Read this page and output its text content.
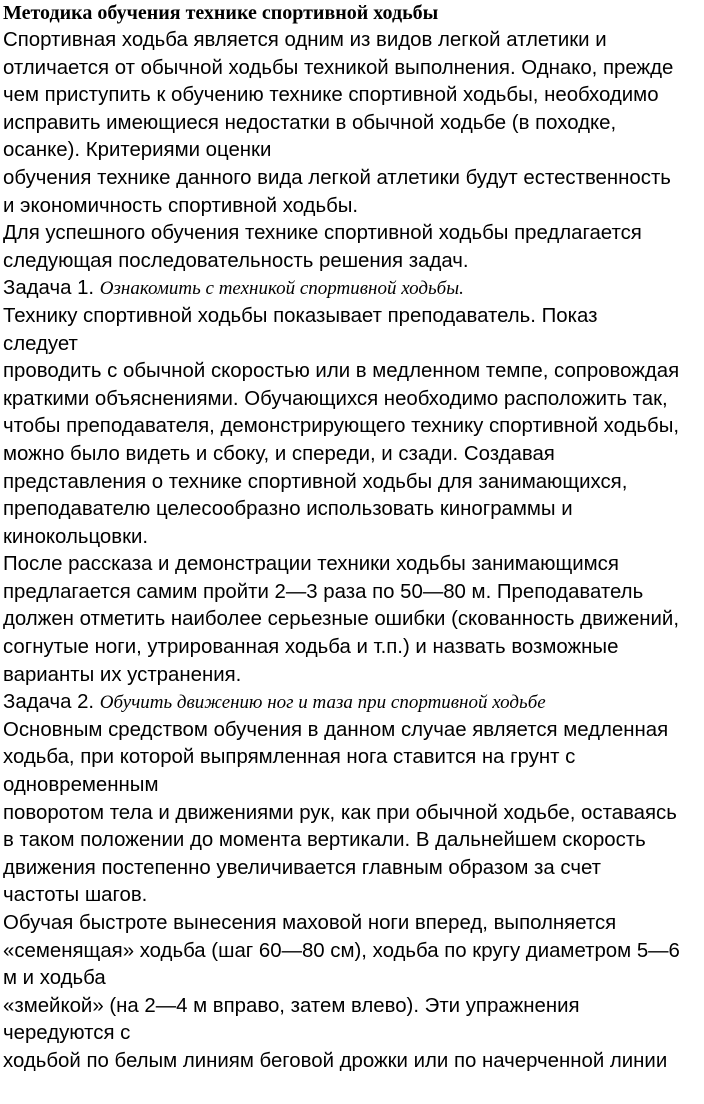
Методика обучения технике спортивной ходьбы

Спортивная ходьба является одним из видов легкой атлетики и

отличается от обычной ходьбы техникой выполнения. Однако, прежде

чем приступить к обучению технике спортивной ходьбы, необходимо

исправить имеющиеся недостатки в обычной ходьбе (в походке,

осанке). Критериями оценки

обучения технике данного вида легкой атлетики будут естественность

и экономичность спортивной ходьбы.

Для успешного обучения технике спортивной ходьбы предлагается

следующая последовательность решения задач.

Задача 1. Ознакомить с техникой спортивной ходьбы.

Технику спортивной ходьбы показывает преподаватель. Показ

следует

проводить с обычной скоростью или в медленном темпе, сопровождая

краткими объяснениями. Обучающихся необходимо расположить так,

чтобы преподавателя, демонстрирующего технику спортивной ходьбы,

можно было видеть и сбоку, и спереди, и сзади. Создавая

представления о технике спортивной ходьбы для занимающихся,

преподавателю целесообразно использовать кинограммы и

кинокольцовки.

После рассказа и демонстрации техники ходьбы занимающимся

предлагается самим пройти 2—3 раза по 50—80 м. Преподаватель

должен отметить наиболее серьезные ошибки (скованность движений,

согнутые ноги, утрированная ходьба и т.п.) и назвать возможные

варианты их устранения.

Задача 2. Обучить движению ног и таза при спортивной ходьбе

Основным средством обучения в данном случае является медленная

ходьба, при которой выпрямленная нога ставится на грунт с

одновременным

поворотом тела и движениями рук, как при обычной ходьбе, оставаясь

в таком положении до момента вертикали. В дальнейшем скорость

движения постепенно увеличивается главным образом за счет

частоты шагов.

Обучая быстроте вынесения маховой ноги вперед, выполняется

«семенящая» ходьба (шаг 60—80 см), ходьба по кругу диаметром 5—6

м и ходьба

«змейкой» (на 2—4 м вправо, затем влево). Эти упражнения

чередуются с

ходьбой по белым линиям беговой дрожки или по начерченной линии
